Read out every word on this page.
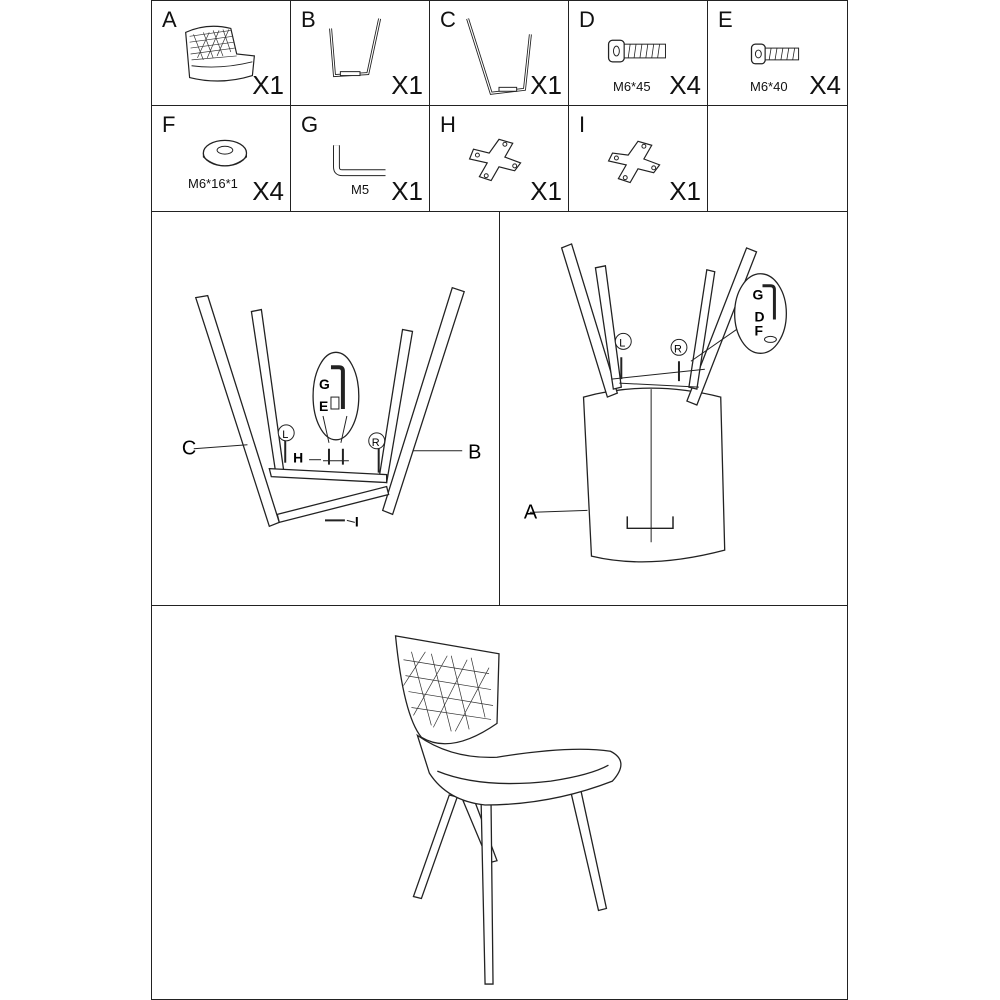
A
X1
B
X1
C
X1
D
M6*45 X4
E
M6*40 X4
F
M6*16*1 X4
G
M5 X1
H
X1
I
X1
C	B
H
I
L
R
G
E
A
L	R
G
D
F
